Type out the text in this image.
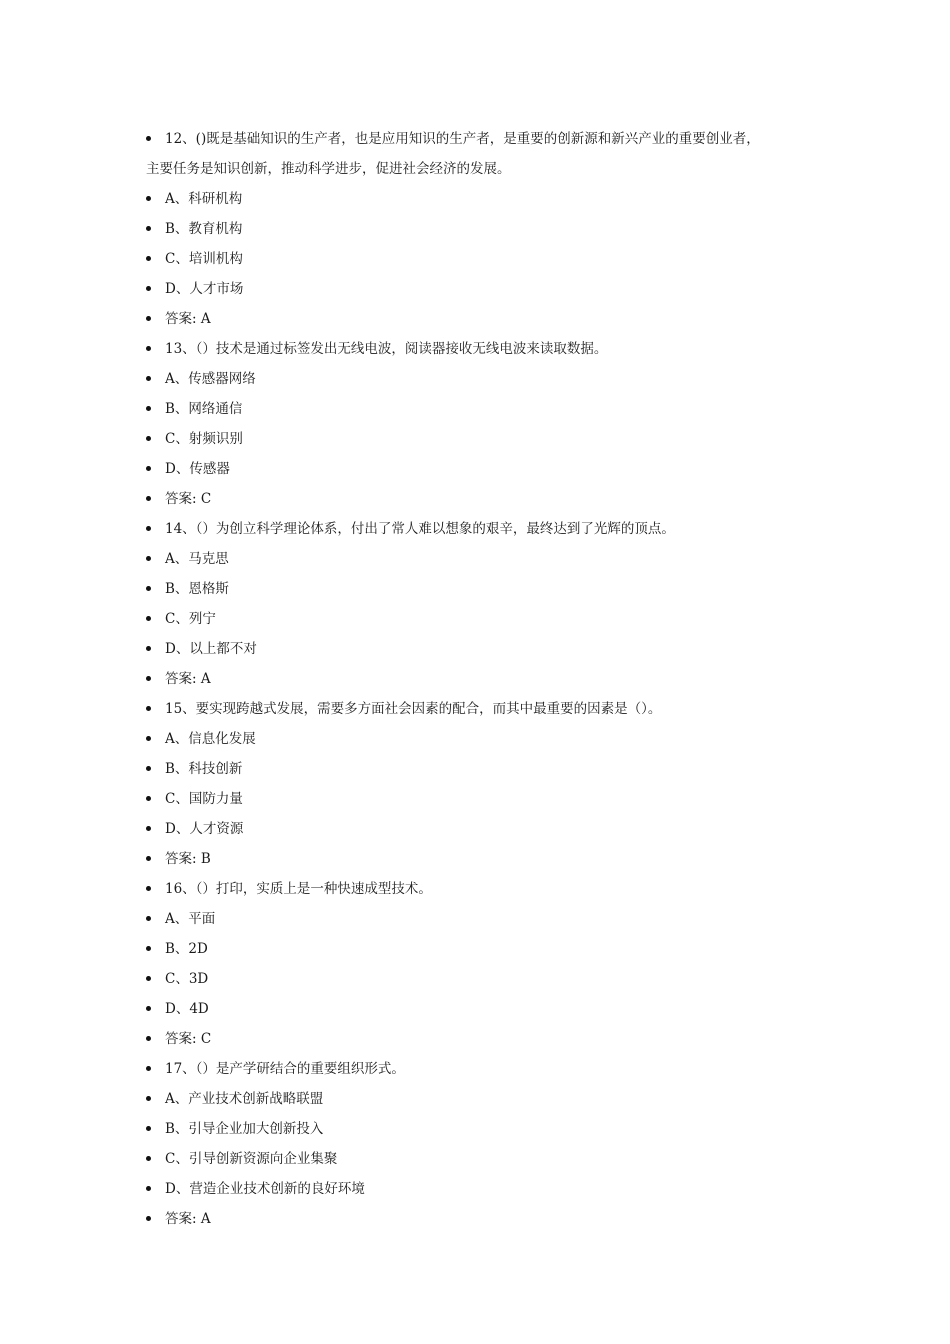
12、()既是基础知识的生产者，也是应用知识的生产者，是重要的创新源和新兴产业的重要创业者，
主要任务是知识创新，推动科学进步，促进社会经济的发展。
A、科研机构
B、教育机构
C、培训机构
D、人才市场
答案: A
13、（）技术是通过标签发出无线电波，阅读器接收无线电波来读取数据。
A、传感器网络
B、网络通信
C、射频识别
D、传感器
答案: C
14、（）为创立科学理论体系，付出了常人难以想象的艰辛，最终达到了光辉的顶点。
A、马克思
B、恩格斯
C、列宁
D、以上都不对
答案: A
15、要实现跨越式发展，需要多方面社会因素的配合，而其中最重要的因素是（）。
A、信息化发展
B、科技创新
C、国防力量
D、人才资源
答案: B
16、（）打印，实质上是一种快速成型技术。
A、平面
B、2D
C、3D
D、4D
答案: C
17、（）是产学研结合的重要组织形式。
A、产业技术创新战略联盟
B、引导企业加大创新投入
C、引导创新资源向企业集聚
D、营造企业技术创新的良好环境
答案: A
